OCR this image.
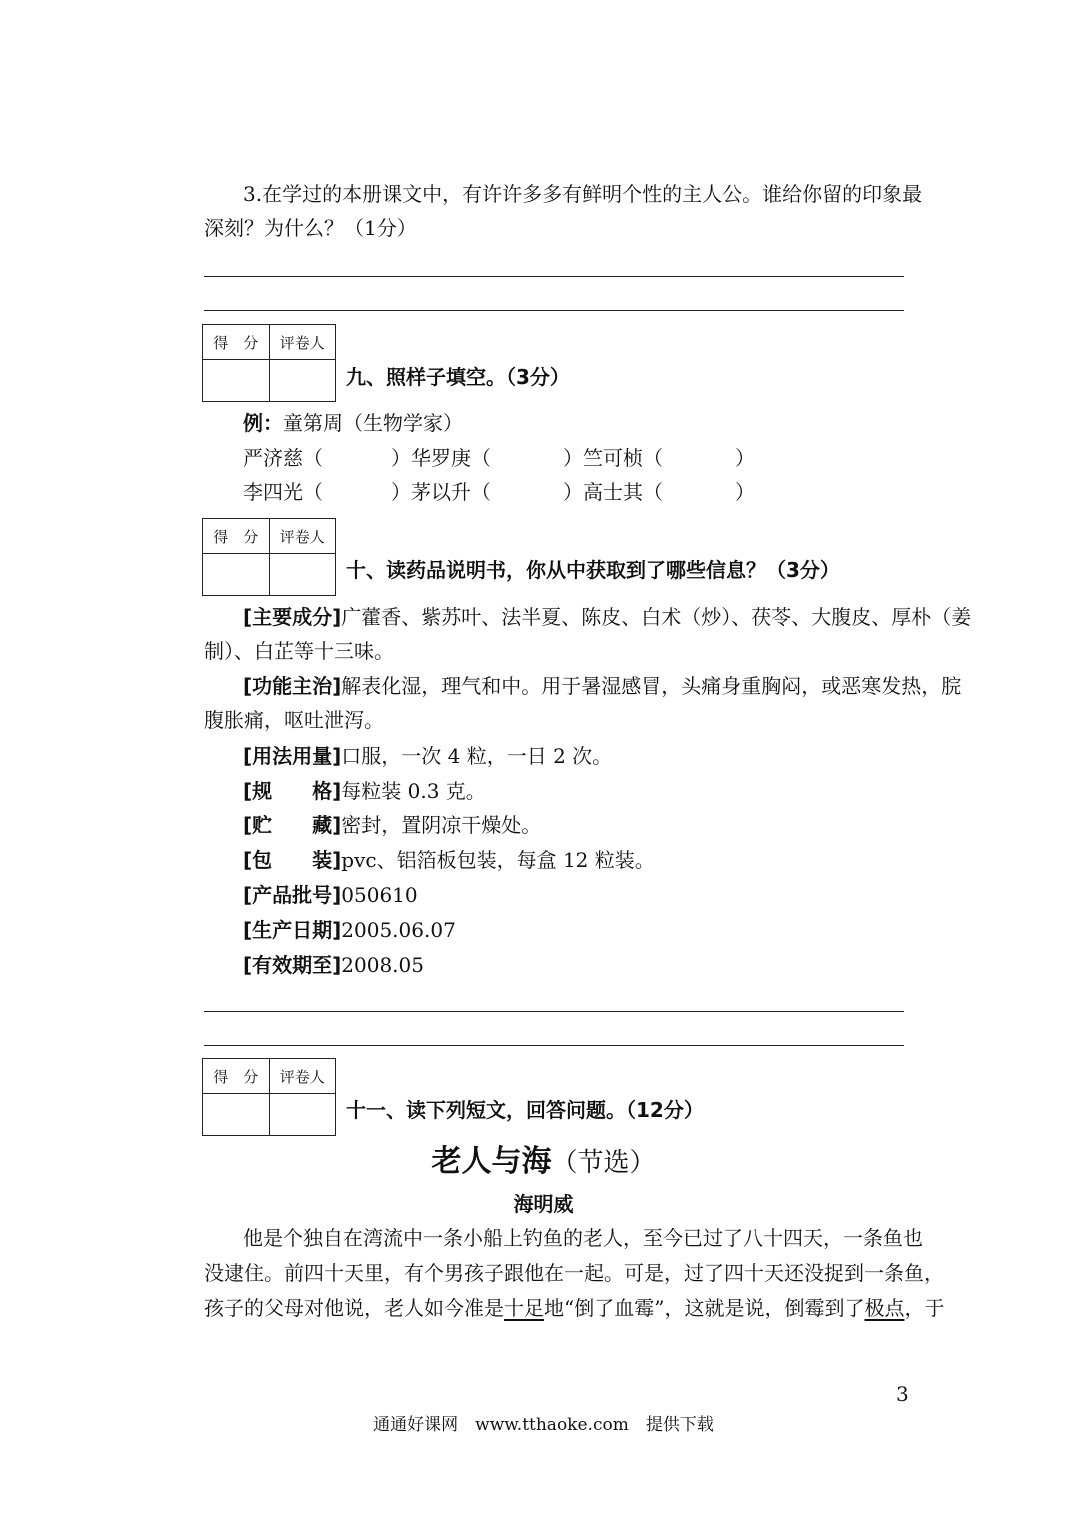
3.在学过的本册课文中，有许许多多有鲜明个性的主人公。谁给你留的印象最
深刻？为什么？（1分）
得　分	评卷人

九、照样子填空。（3分）
例：童第周（生物学家）
严济慈（	）华罗庚（	）竺可桢（	）
李四光（	）茅以升（	）高士其（	）
得　分	评卷人

十、读药品说明书，你从中获取到了哪些信息？（3分）
[主要成分]广藿香、紫苏叶、法半夏、陈皮、白术（炒）、茯苓、大腹皮、厚朴（姜
制）、白芷等十三味。
[功能主治]解表化湿，理气和中。用于暑湿感冒，头痛身重胸闷，或恶寒发热，脘
腹胀痛，呕吐泄泻。
[用法用量]口服，一次 4 粒，一日 2 次。
[规　　格]每粒装 0.3 克。
[贮　　藏]密封，置阴凉干燥处。
[包　　装]pvc、铝箔板包装，每盒 12 粒装。
[产品批号]050610
[生产日期]2005.06.07
[有效期至]2008.05
得　分	评卷人

十一、读下列短文，回答问题。（12分）
老人与海（节选）
海明威
他是个独自在湾流中一条小船上钓鱼的老人，至今已过了八十四天，一条鱼也
没逮住。前四十天里，有个男孩子跟他在一起。可是，过了四十天还没捉到一条鱼，
孩子的父母对他说，老人如今准是十足地“倒了血霉”，这就是说，倒霉到了极点，于
3
通通好课网　www.tthaoke.com　提供下载
